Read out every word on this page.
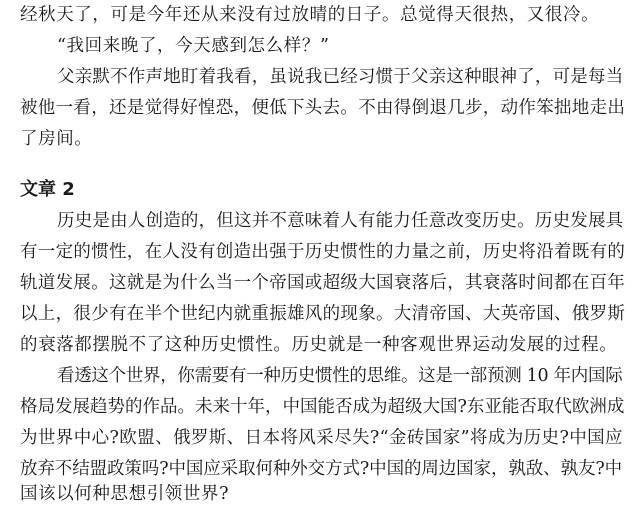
经秋天了，可是今年还从来没有过放晴的日子。总觉得天很热，又很冷。
“我回来晚了，今天感到怎么样？”
父亲默不作声地盯着我看，虽说我已经习惯于父亲这种眼神了，可是每当
被他一看，还是觉得好惶恐，便低下头去。不由得倒退几步，动作笨拙地走出
了房间。
文章 2
历史是由人创造的，但这并不意味着人有能力任意改变历史。历史发展具
有一定的惯性，在人没有创造出强于历史惯性的力量之前，历史将沿着既有的
轨道发展。这就是为什么当一个帝国或超级大国衰落后，其衰落时间都在百年
以上，很少有在半个世纪内就重振雄风的现象。大清帝国、大英帝国、俄罗斯
的衰落都摆脱不了这种历史惯性。历史就是一种客观世界运动发展的过程。
看透这个世界，你需要有一种历史惯性的思维。这是一部预测 10 年内国际
格局发展趋势的作品。未来十年，中国能否成为超级大国?东亚能否取代欧洲成
为世界中心?欧盟、俄罗斯、日本将风采尽失?“金砖国家”将成为历史?中国应
放弃不结盟政策吗?中国应采取何种外交方式?中国的周边国家，孰敌、孰友?中
国该以何种思想引领世界?
